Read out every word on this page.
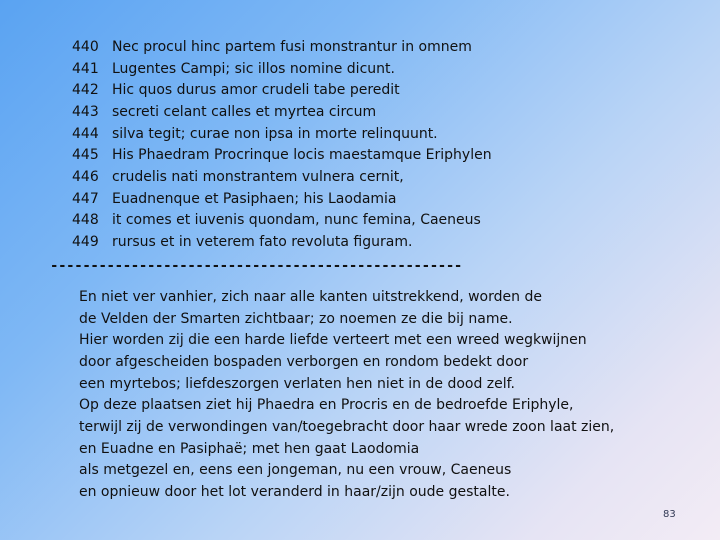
440 Nec procul hinc partem fusi monstrantur in omnem
441 Lugentes Campi; sic illos nomine dicunt.
442 Hic quos durus amor crudeli tabe peredit
443 secreti celant calles et myrtea circum
444 silva tegit; curae non ipsa in morte relinquunt.
445 His Phaedram Procrinque locis maestamque Eriphylen
446 crudelis nati monstrantem vulnera cernit,
447 Euadnenque et Pasiphaen; his Laodamia
448 it comes et iuvenis quondam, nunc femina, Caeneus
449 rursus et in veterem fato revoluta figuram.
---------------------------------------------------
En niet ver vanhier, zich naar alle kanten uitstrekkend, worden de
de Velden der Smarten zichtbaar; zo noemen ze die bij name.
Hier worden zij die een harde liefde verteert met een wreed wegkwijnen
door afgescheiden bospaden verborgen en rondom bedekt door
een myrtebos; liefdeszorgen verlaten hen niet in de dood zelf.
Op deze plaatsen ziet hij Phaedra en Procris en de bedroefde Eriphyle,
terwijl zij de verwondingen van/toegebracht door haar wrede zoon laat zien,
en Euadne en Pasiphaë; met hen gaat Laodomia
als metgezel en, eens een jongeman, nu een vrouw, Caeneus
en opnieuw door het lot veranderd in haar/zijn oude gestalte.
83
